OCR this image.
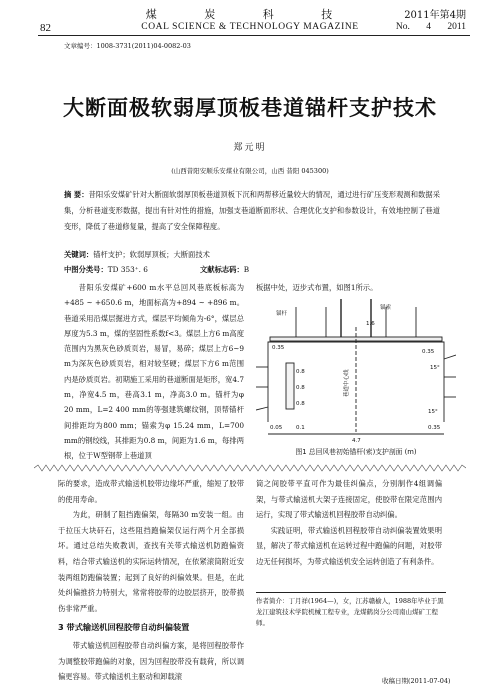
煤 炭 科 技	2011年第4期
82	COAL SCIENCE & TECHNOLOGY MAGAZINE	No. 4 2011
文章编号：1008-3731(2011)04-0082-03
大断面极软弱厚顶板巷道锚杆支护技术
郑元明
(山西昔阳安顺乐安煤业有限公司，山西 昔阳 045300)
摘 要：昔阳乐安煤矿针对大断面软弱厚顶板巷道顶板下沉和两帮移近量较大的情况，通过进行矿压变形观测和数据采集，分析巷道变形数据，提出有针对性的措施，加强支巷道断面形状、合理优化支护和参数设计，有效地控制了巷道变形，降低了巷道修复量，提高了安全保障程度。
关键词：锚杆支护；软弱厚顶板；大断面技术
中图分类号：TD 353⁺. 6	文献标志码：B
昔阳乐安煤矿+600 m水平总回风巷底板标高为+485 ~ +650.6 m，地面标高为+894 ~ +896 m。巷道采用沿煤层掘进方式，煤层平均倾角为-6°，煤层总厚度为5.3 m，煤的坚固性系数f<3。煤层上方6 m高度范围内为黑灰色砂质页岩，易冒，易碎；煤层上方6~9 m为深灰色砂质页岩，相对较坚硬；煤层下方6 m范围内是砂质页岩。初期施工采用的巷道断面是矩形，宽4.7 m，净宽4.5 m，巷高3.1 m，净高3.0 m。锚杆为φ 20 mm，L=2 400 mm的等强建筑螺纹钢，顶帮锚杆间排距均为800 mm；锚索为φ 15.24 mm，L=700 mm的钢绞线，其排距为0.8 m，间距为1.6 m，每排两根，位于W型钢带上巷道顶
板据中处，迈步式布置，如图1所示。
锚杆
锚索
巷道中心线
1.6
0.35
0.8
0.8
0.8
0.35
15°
15°
0.05	0.1
4.7
0.35
图1 总回风巷初始锚杆(索)支护剖面 (m)

际的要求，造成带式输送机胶带边缘坏严重，缩短了胶带的使用寿命。

为此，研制了阻挡跑偏架，每隔30 m安装一组。由于拉压大块矸石，这些阻挡跑偏架仅运行两个月全部损坏。通过总结失败教训，查找有关带式输送机防跑偏资料，结合带式输送机的实际运转情况，在依紧滚筒附近安装两组防跑偏装置；起到了良好的纠偏效果。但是，在此处纠偏推挤力特别大，常常将胶带的边胶层挤开，胶带损伤非常严重。

3 带式输送机回程胶带自动纠偏装置

带式输送机回程胶带自动纠偏方案，是将回程胶带作为调整胶带跑偏的对象，因为回程胶带没有载荷，所以调偏更容易。带式输送机主驱动和卸载滚

筒之间胶带平直可作为最佳纠偏点，分别制作4组调偏架，与带式输送机大架子连接固定，使胶带在限定范围内运行，实现了带式输送机回程胶带自动纠偏。

实践证明，带式输送机回程胶带自动纠偏装置效果明显，解决了带式输送机在运转过程中跑偏的问题，对胶带边无任何损坏，为带式输送机安全运转创造了有利条件。

作者简介：丁月祥(1964—)，女，江苏赣榆人，1988年毕业于黑龙江建筑技术学院机械工程专业，龙煤鹤岗分公司南山煤矿工程师。
收稿日期(2011-07-04)
